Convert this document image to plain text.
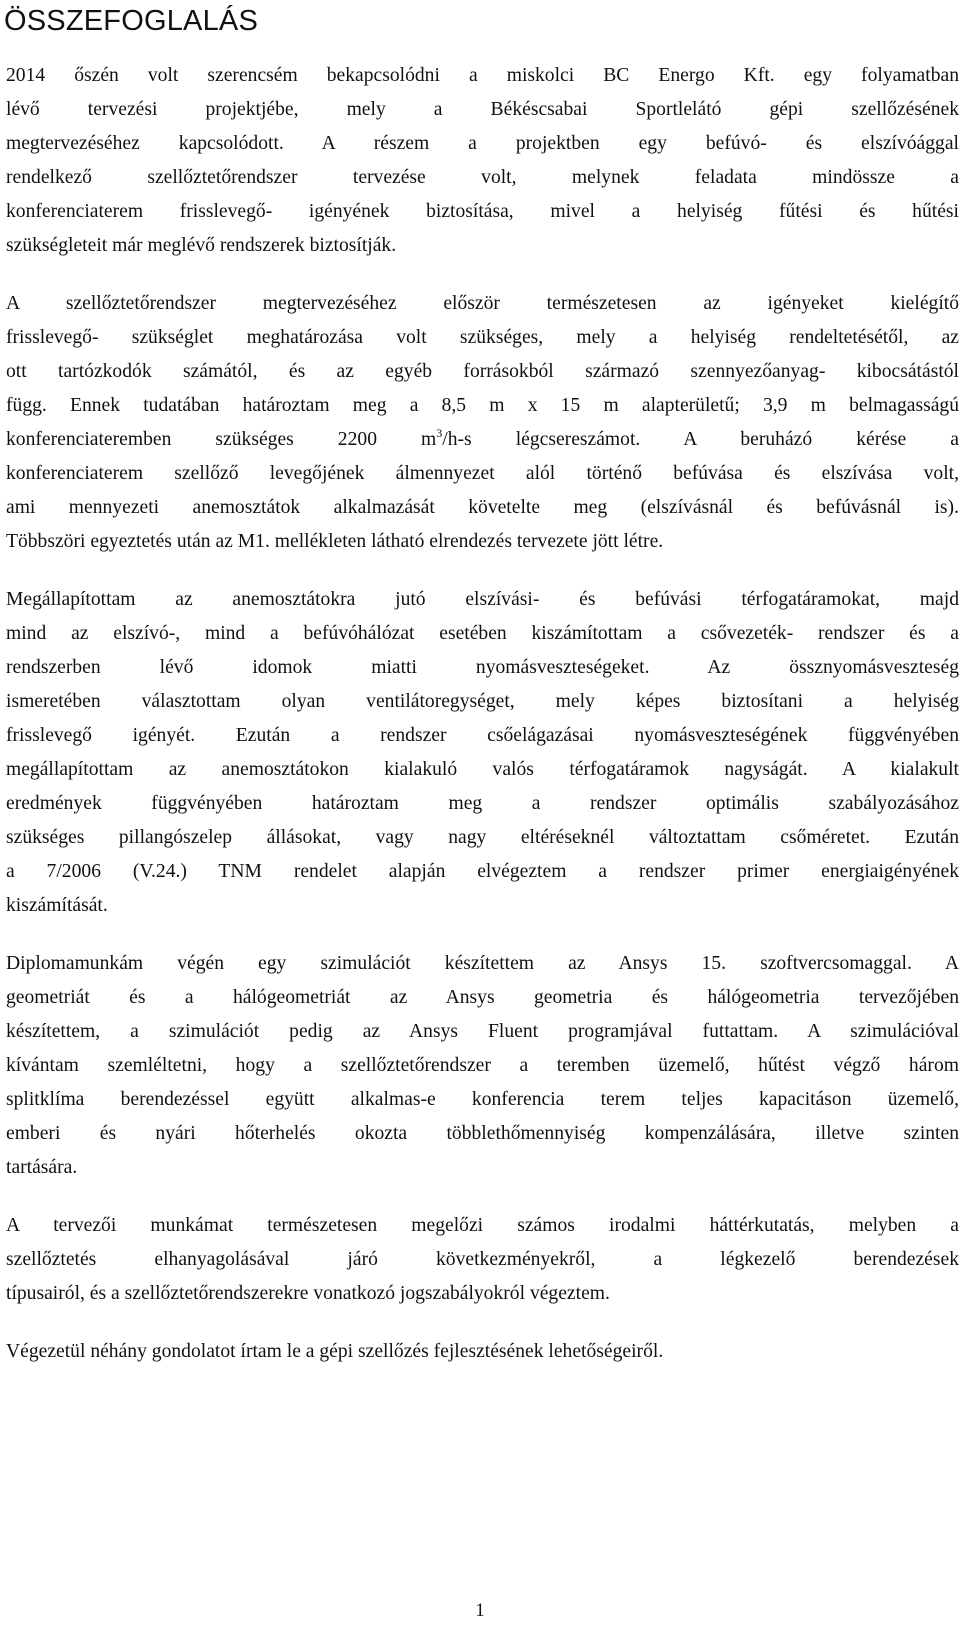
ÖSSZEFOGLALÁS
2014 őszén volt szerencsém bekapcsolódni a miskolci BC Energo Kft. egy folyamatban
lévő tervezési projektjébe, mely a Békéscsabai Sportlelátó gépi szellőzésének
megtervezéséhez kapcsolódott. A részem a projektben egy befúvó- és elszívóággal
rendelkező szellőztetőrendszer tervezése volt, melynek feladata mindössze a
konferenciaterem frisslevegő- igényének biztosítása, mivel a helyiség fűtési és hűtési
szükségleteit már meglévő rendszerek biztosítják.
A szellőztetőrendszer megtervezéséhez először természetesen az igényeket kielégítő
frisslevegő- szükséglet meghatározása volt szükséges, mely a helyiség rendeltetésétől, az
ott tartózkodók számától, és az egyéb forrásokból származó szennyezőanyag- kibocsátástól
függ. Ennek tudatában határoztam meg a 8,5 m x 15 m alapterületű; 3,9 m belmagasságú
konferenciateremben szükséges 2200 $m^3/h-s$ légcsereszámot. A beruházó kérése a
konferenciaterem szellőző levegőjének álmennyezet alól történő befúvása és elszívása volt,
ami mennyezeti anemosztátok alkalmazását követelte meg (elszívásnál és befúvásnál is).
Többszöri egyeztetés után az M1. mellékleten látható elrendezés tervezete jött létre.
Megállapítottam az anemosztátokra jutó elszívási- és befúvási térfogatáramokat, majd
mind az elszívó-, mind a befúvóhálózat esetében kiszámítottam a csővezeték- rendszer és a
rendszerben lévő idomok miatti nyomásveszteségeket. Az össznyomásveszteség
ismeretében választottam olyan ventilátoregységet, mely képes biztosítani a helyiség
frisslevegő igényét. Ezután a rendszer csőelágazásai nyomásveszteségének függvényében
megállapítottam az anemosztátokon kialakuló valós térfogatáramok nagyságát. A kialakult
eredmények függvényében határoztam meg a rendszer optimális szabályozásához
szükséges pillangószelep állásokat, vagy nagy eltéréseknél változtattam csőméretet. Ezután
a 7/2006 (V.24.) TNM rendelet alapján elvégeztem a rendszer primer energiaigényének
kiszámítását.
Diplomamunkám végén egy szimulációt készítettem az Ansys 15. szoftvercsomaggal. A
geometriát és a hálógeometriát az Ansys geometria és hálógeometria tervezőjében
készítettem, a szimulációt pedig az Ansys Fluent programjával futtattam. A szimulációval
kívántam szemléltetni, hogy a szellőztetőrendszer a teremben üzemelő, hűtést végző három
splitklíma berendezéssel együtt alkalmas-e konferencia terem teljes kapacitáson üzemelő,
emberi és nyári hőterhelés okozta többlethőmennyiség kompenzálására, illetve szinten
tartására.
A tervezői munkámat természetesen megelőzi számos irodalmi háttérkutatás, melyben a
szellőztetés elhanyagolásával járó következményekről, a légkezelő berendezések
típusairól, és a szellőztetőrendszerekre vonatkozó jogszabályokról végeztem.
Végezetül néhány gondolatot írtam le a gépi szellőzés fejlesztésének lehetőségeiről.
1
